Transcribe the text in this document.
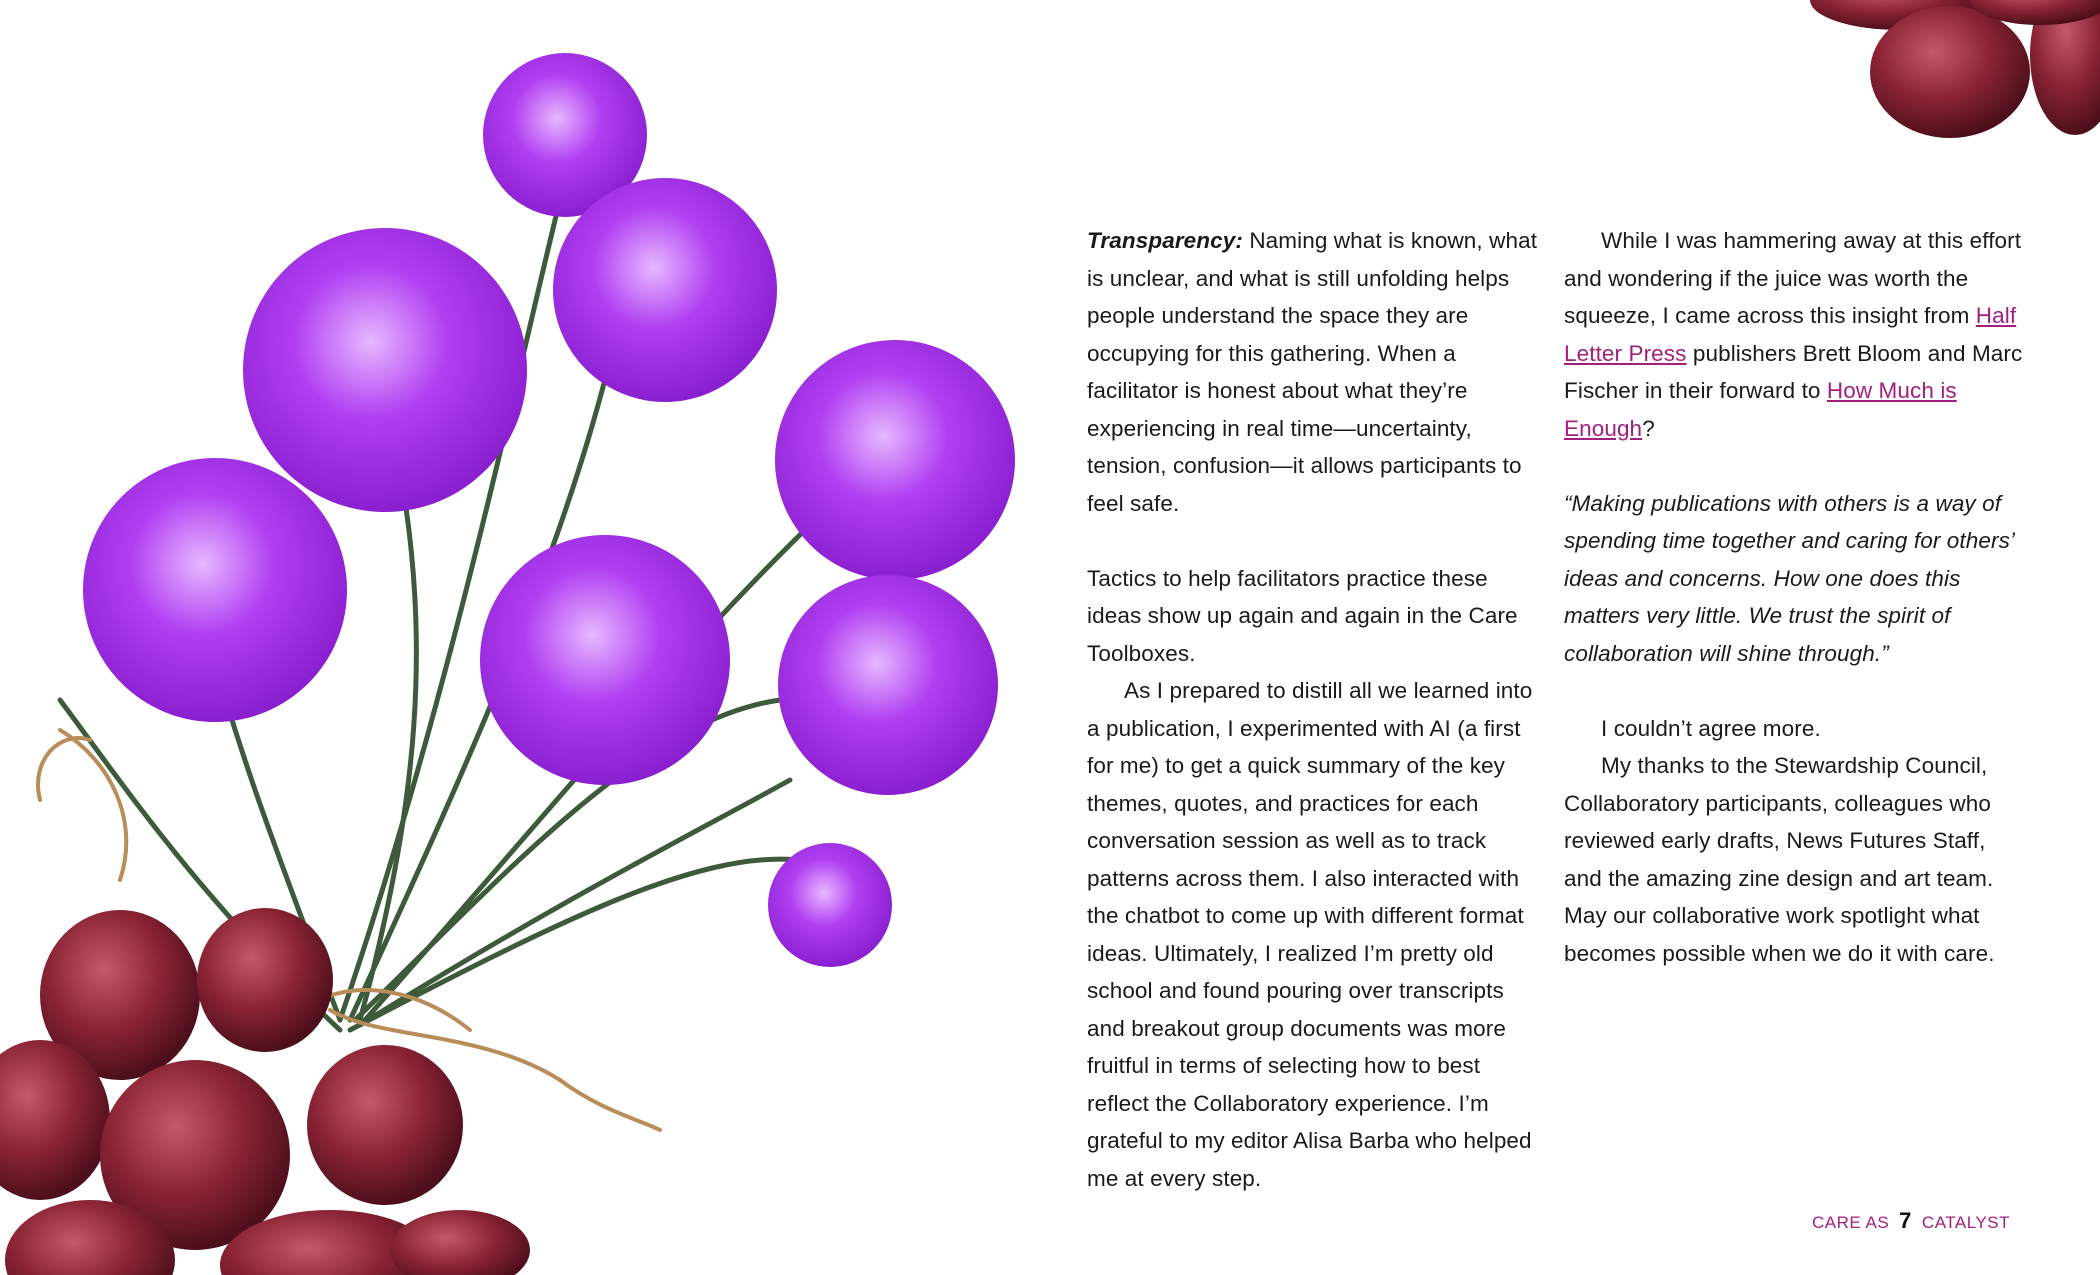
Transparency: Naming what is known, what is unclear, and what is still unfolding helps people understand the space they are occupying for this gathering. When a facilitator is honest about what they’re experiencing in real time—uncertainty, tension, confusion—it allows participants to feel safe.

Tactics to help facilitators practice these ideas show up again and again in the Care Toolboxes.

As I prepared to distill all we learned into a publication, I experimented with AI (a first for me) to get a quick summary of the key themes, quotes, and practices for each conversation session as well as to track patterns across them. I also interacted with the chatbot to come up with different format ideas. Ultimately, I realized I’m pretty old school and found pouring over transcripts and breakout group documents was more fruitful in terms of selecting how to best reflect the Collaboratory experience. I’m grateful to my editor Alisa Barba who helped me at every step.

While I was hammering away at this effort and wondering if the juice was worth the squeeze, I came across this insight from Half Letter Press publishers Brett Bloom and Marc Fischer in their forward to How Much is Enough?

“Making publications with others is a way of spending time together and caring for others’ ideas and concerns. How one does this matters very little. We trust the spirit of collaboration will shine through.”

I couldn’t agree more.

My thanks to the Stewardship Council, Collaboratory participants, colleagues who reviewed early drafts, News Futures Staff, and the amazing zine design and art team. May our collaborative work spotlight what becomes possible when we do it with care.

CARE AS 7 CATALYST
